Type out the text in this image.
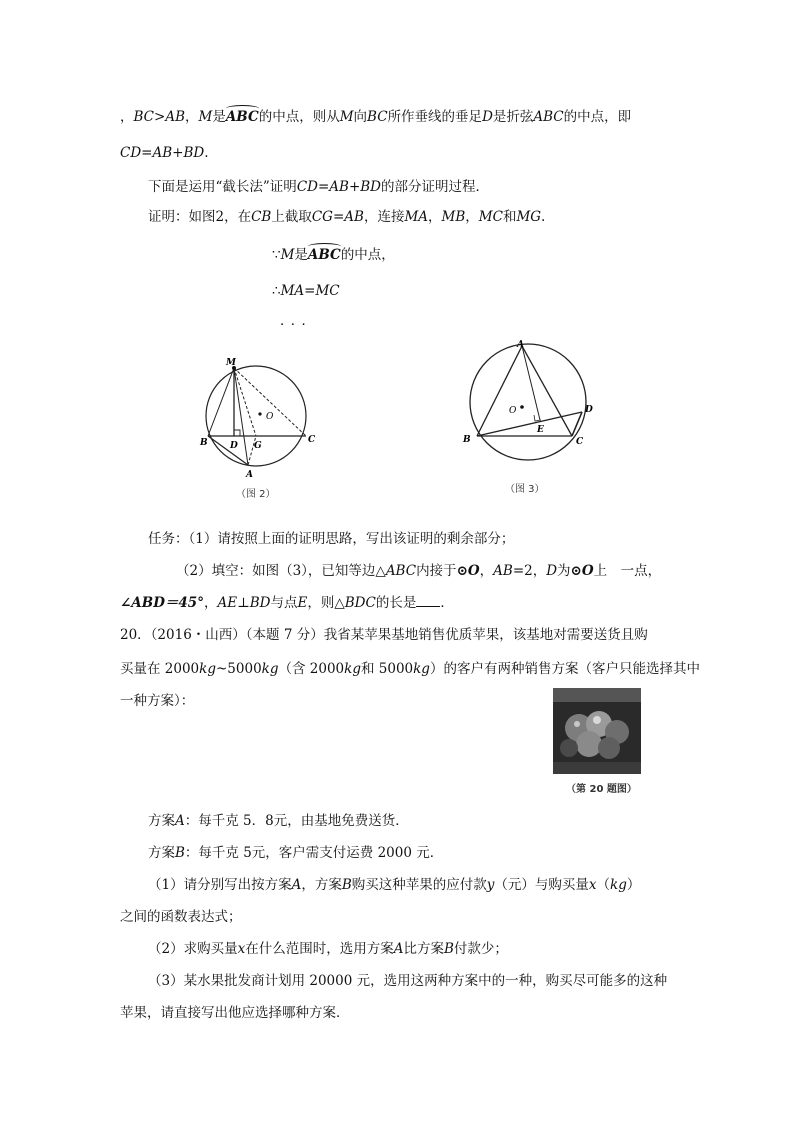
，BC>AB，M是ABC的中点，则从M向BC所作垂线的垂足D是折弦ABC的中点，即
CD=AB+BD.
下面是运用“截长法”证明CD=AB+BD的部分证明过程．
证明：如图2，在CB上截取CG=AB，连接MA，MB，MC和MG.
∵M是ABC的中点，
∴MA=MC
．．．
M
O
B D G
C
A
（图 2）
A
O	D
E
B	C
（图 3）
任务：（1）请按照上面的证明思路，写出该证明的剩余部分；
（2）填空：如图（3），已知等边△ABC内接于⊙O，AB=2，D为⊙O上　一点，
∠ABD＝45°，AE⊥BD与点E，则△BDC的长是 ．
20．（2016・山西）（本题 7 分）我省某苹果基地销售优质苹果，该基地对需要送货且购
买量在 2000kg~5000kg（含 2000kg和 5000kg）的客户有两种销售方案（客户只能选择其中
一种方案）：
（第 20 题图）
方案A：每千克 5．8元，由基地免费送货．
方案B：每千克 5元，客户需支付运费 2000 元．
（1）请分别写出按方案A，方案B购买这种苹果的应付款y（元）与购买量x（kg）
之间的函数表达式；
（2）求购买量x在什么范围时，选用方案A比方案B付款少；
（3）某水果批发商计划用 20000 元，选用这两种方案中的一种，购买尽可能多的这种
苹果，请直接写出他应选择哪种方案．
